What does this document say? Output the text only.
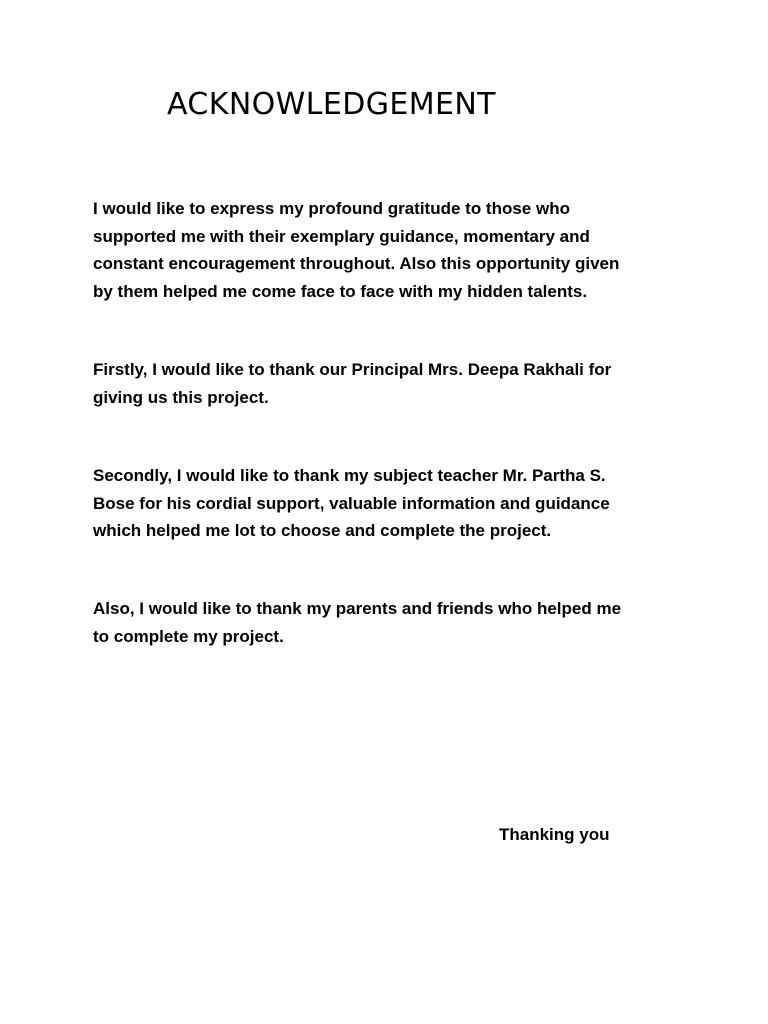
ACKNOWLEDGEMENT

I would like to express my profound gratitude to those who
supported me with their exemplary guidance, momentary and
constant encouragement throughout. Also this opportunity given
by them helped me come face to face with my hidden talents.

Firstly, I would like to thank our Principal Mrs. Deepa Rakhali for
giving us this project.

Secondly, I would like to thank my subject teacher Mr. Partha S.
Bose for his cordial support, valuable information and guidance
which helped me lot to choose and complete the project.

Also, I would like to thank my parents and friends who helped me
to complete my project.

Thanking you
